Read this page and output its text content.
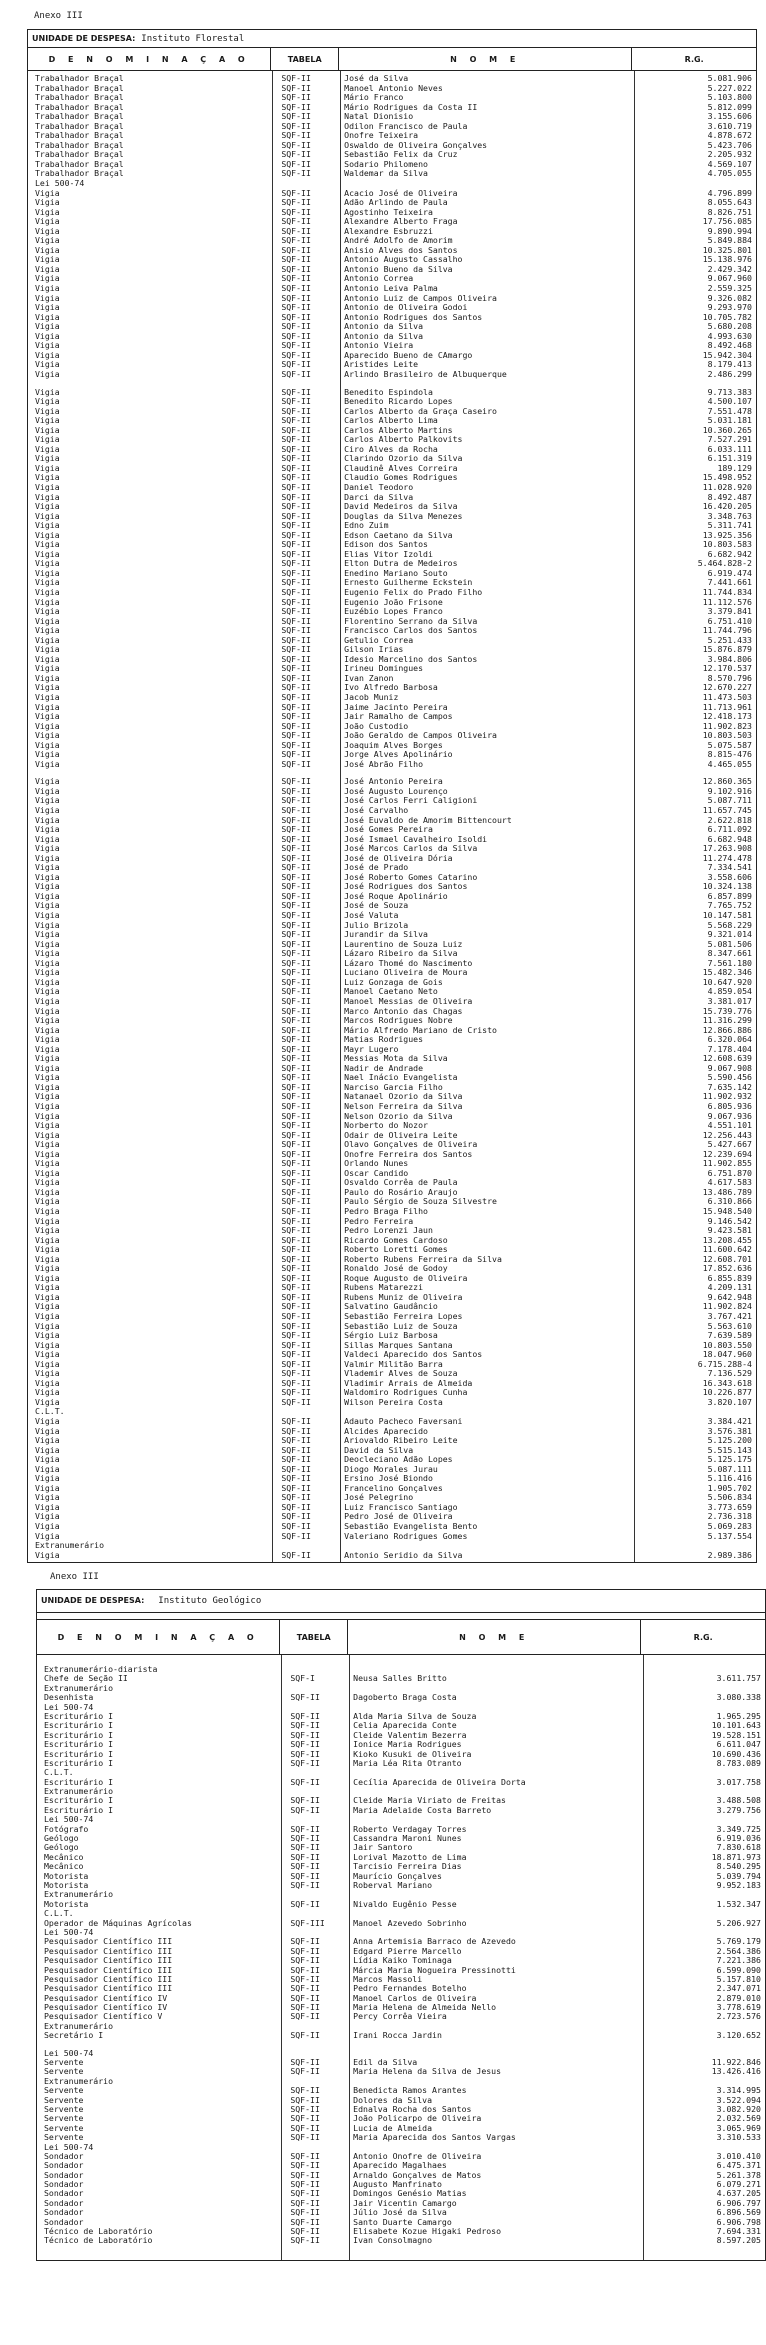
Anexo III
UNIDADE DE DESPESA: Instituto Florestal
D E N O M I N A Ç A O	TABELA	N O M E	R.G.
Trabalhador Braçal	SQF-II	José da Silva	5.081.906
Trabalhador Braçal	SQF-II	Manoel Antonio Neves	5.227.022
Trabalhador Braçal	SQF-II	Mário Franco	5.103.800
Trabalhador Braçal	SQF-II	Mário Rodrigues da Costa II	5.812.099
Trabalhador Braçal	SQF-II	Natal Dionisio	3.155.606
Trabalhador Braçal	SQF-II	Odilon Francisco de Paula	3.610.719
Trabalhador Braçal	SQF-II	Onofre Teixeira	4.878.672
Trabalhador Braçal	SQF-II	Oswaldo de Oliveira Gonçalves	5.423.706
Trabalhador Braçal	SQF-II	Sebastião Felix da Cruz	2.205.932
Trabalhador Braçal	SQF-II	Sodario Philomeno	4.569.107
Trabalhador Braçal	SQF-II	Waldemar da Silva	4.705.055
Lei 500-74
Vigia	SQF-II	Acacio José de Oliveira	4.796.899
Vigia	SQF-II	Adão Arlindo de Paula	8.055.643
Vigia	SQF-II	Agostinho Teixeira	8.826.751
Vigia	SQF-II	Alexandre Alberto Fraga	17.756.085
Vigia	SQF-II	Alexandre Esbruzzi	9.890.994
Vigia	SQF-II	André Adolfo de Amorim	5.849.884
Vigia	SQF-II	Anisio Alves dos Santos	10.325.801
Vigia	SQF-II	Antonio Augusto Cassalho	15.138.976
Vigia	SQF-II	Antonio Bueno da Silva	2.429.342
Vigia	SQF-II	Antonio Correa	9.067.960
Vigia	SQF-II	Antonio Leiva Palma	2.559.325
Vigia	SQF-II	Antonio Luiz de Campos Oliveira	9.326.082
Vigia	SQF-II	Antonio de Oliveira Godoi	9.293.970
Vigia	SQF-II	Antonio Rodrigues dos Santos	10.705.782
Vigia	SQF-II	Antonio da Silva	5.680.208
Vigia	SQF-II	Antonio da Silva	4.993.630
Vigia	SQF-II	Antonio Vieira	8.492.468
Vigia	SQF-II	Aparecido Bueno de CAmargo	15.942.304
Vigia	SQF-II	Aristides Leite	8.179.413
Vigia	SQF-II	Arlindo Brasileiro de Albuquerque	2.486.299
Vigia	SQF-II	Benedito Espindola	9.713.383
Vigia	SQF-II	Benedito Ricardo Lopes	4.500.107
Vigia	SQF-II	Carlos Alberto da Graça Caseiro	7.551.478
Vigia	SQF-II	Carlos Alberto Lima	5.031.181
Vigia	SQF-II	Carlos Alberto Martins	10.360.265
Vigia	SQF-II	Carlos Alberto Palkovits	7.527.291
Vigia	SQF-II	Ciro Alves da Rocha	6.033.111
Vigia	SQF-II	Clarindo Ozorio da Silva	6.151.319
Vigia	SQF-II	Claudinê Alves Correira	189.129
Vigia	SQF-II	Claudio Gomes Rodrigues	15.498.952
Vigia	SQF-II	Daniel Teodoro	11.028.920
Vigia	SQF-II	Darci da Silva	8.492.487
Vigia	SQF-II	David Medeiros da Silva	16.420.205
Vigia	SQF-II	Douglas da Silva Menezes	3.348.763
Vigia	SQF-II	Edno Zuim	5.311.741
Vigia	SQF-II	Edson Caetano da Silva	13.925.356
Vigia	SQF-II	Edison dos Santos	10.803.583
Vigia	SQF-II	Elias Vitor Izoldi	6.682.942
Vigia	SQF-II	Elton Dutra de Medeiros	5.464.828-2
Vigia	SQF-II	Enedino Mariano Souto	6.919.474
Vigia	SQF-II	Ernesto Guilherme Eckstein	7.441.661
Vigia	SQF-II	Eugenio Felix do Prado Filho	11.744.834
Vigia	SQF-II	Eugenio João Frisone	11.112.576
Vigia	SQF-II	Euzébio Lopes Franco	3.379.841
Vigia	SQF-II	Florentino Serrano da Silva	6.751.410
Vigia	SQF-II	Francisco Carlos dos Santos	11.744.796
Vigia	SQF-II	Getulio Correa	5.251.433
Vigia	SQF-II	Gilson Irias	15.876.879
Vigia	SQF-II	Idesio Marcelino dos Santos	3.984.806
Vigia	SQF-II	Irineu Domingues	12.170.537
Vigia	SQF-II	Ivan Zanon	8.570.796
Vigia	SQF-II	Ivo Alfredo Barbosa	12.670.227
Vigia	SQF-II	Jacob Muniz	11.473.503
Vigia	SQF-II	Jaime Jacinto Pereira	11.713.961
Vigia	SQF-II	Jair Ramalho de Campos	12.418.173
Vigia	SQF-II	João Custodio	11.902.823
Vigia	SQF-II	João Geraldo de Campos Oliveira	10.803.503
Vigia	SQF-II	Joaquim Alves Borges	5.075.587
Vigia	SQF-II	Jorge Alves Apolinário	8.815-476
Vigia	SQF-II	José Abrão Filho	4.465.055
Vigia	SQF-II	José Antonio Pereira	12.860.365
Vigia	SQF-II	José Augusto Lourenço	9.102.916
Vigia	SQF-II	José Carlos Ferri Caligioni	5.087.711
Vigia	SQF-II	José Carvalho	11.657.745
Vigia	SQF-II	José Euvaldo de Amorim Bittencourt	2.622.818
Vigia	SQF-II	José Gomes Pereira	6.711.092
Vigia	SQF-II	José Ismael Cavalheiro Isoldi	6.682.948
Vigia	SQF-II	José Marcos Carlos da Silva	17.263.908
Vigia	SQF-II	José de Oliveira Dória	11.274.478
Vigia	SQF-II	José de Prado	7.334.541
Vigia	SQF-II	José Roberto Gomes Catarino	3.558.606
Vigia	SQF-II	José Rodrigues dos Santos	10.324.138
Vigia	SQF-II	José Roque Apolinário	6.857.899
Vigia	SQF-II	José de Souza	7.765.752
Vigia	SQF-II	José Valuta	10.147.581
Vigia	SQF-II	Julio Brizola	5.568.229
Vigia	SQF-II	Jurandir da Silva	9.321.014
Vigia	SQF-II	Laurentino de Souza Luiz	5.081.506
Vigia	SQF-II	Lázaro Ribeiro da Silva	8.347.661
Vigia	SQF-II	Lázaro Thomé do Nascimento	7.561.180
Vigia	SQF-II	Luciano Oliveira de Moura	15.482.346
Vigia	SQF-II	Luiz Gonzaga de Gois	10.647.920
Vigia	SQF-II	Manoel Caetano Neto	4.859.054
Vigia	SQF-II	Manoel Messias de Oliveira	3.381.017
Vigia	SQF-II	Marco Antonio das Chagas	15.739.776
Vigia	SQF-II	Marcos Rodrigues Nobre	11.316.299
Vigia	SQF-II	Mário Alfredo Mariano de Cristo	12.866.886
Vigia	SQF-II	Matias Rodrigues	6.320.064
Vigia	SQF-II	Mayr Lugero	7.178.404
Vigia	SQF-II	Messias Mota da Silva	12.608.639
Vigia	SQF-II	Nadir de Andrade	9.067.908
Vigia	SQF-II	Nael Inácio Evangelista	5.590.456
Vigia	SQF-II	Narciso Garcia Filho	7.635.142
Vigia	SQF-II	Natanael Ozorio da Silva	11.902.932
Vigia	SQF-II	Nelson Ferreira da Silva	6.805.936
Vigia	SQF-II	Nelson Ozorio da Silva	9.067.936
Vigia	SQF-II	Norberto do Nozor	4.551.101
Vigia	SQF-II	Odair de Oliveira Leite	12.256.443
Vigia	SQF-II	Olavo Gonçalves de Oliveira	5.427.667
Vigia	SQF-II	Onofre Ferreira dos Santos	12.239.694
Vigia	SQF-II	Orlando Nunes	11.902.855
Vigia	SQF-II	Oscar Candido	6.751.870
Vigia	SQF-II	Osvaldo Corrêa de Paula	4.617.583
Vigia	SQF-II	Paulo do Rosário Araujo	13.486.789
Vigia	SQF-II	Paulo Sérgio de Souza Silvestre	6.310.866
Vigia	SQF-II	Pedro Braga Filho	15.948.540
Vigia	SQF-II	Pedro Ferreira	9.146.542
Vigia	SQF-II	Pedro Lorenzi Jaun	9.423.581
Vigia	SQF-II	Ricardo Gomes Cardoso	13.208.455
Vigia	SQF-II	Roberto Loretti Gomes	11.600.642
Vigia	SQF-II	Roberto Rubens Ferreira da Silva	12.608.701
Vigia	SQF-II	Ronaldo José de Godoy	17.852.636
Vigia	SQF-II	Roque Augusto de Oliveira	6.855.839
Vigia	SQF-II	Rubens Matarezzi	4.209.131
Vigia	SQF-II	Rubens Muniz de Oliveira	9.642.948
Vigia	SQF-II	Salvatino Gaudâncio	11.902.824
Vigia	SQF-II	Sebastião Ferreira Lopes	3.767.421
Vigia	SQF-II	Sebastião Luiz de Souza	5.563.610
Vigia	SQF-II	Sérgio Luiz Barbosa	7.639.589
Vigia	SQF-II	Sillas Marques Santana	10.803.550
Vigia	SQF-II	Valdeci Aparecido dos Santos	18.047.960
Vigia	SQF-II	Valmir Militão Barra	6.715.288-4
Vigia	SQF-II	Vlademir Alves de Souza	7.136.529
Vigia	SQF-II	Vladimir Arrais de Almeida	16.343.618
Vigia	SQF-II	Waldomiro Rodrigues Cunha	10.226.877
Vigia	SQF-II	Wilson Pereira Costa	3.820.107
C.L.T.
Vigia	SQF-II	Adauto Pacheco Faversani	3.384.421
Vigia	SQF-II	Alcides Aparecido	3.576.381
Vigia	SQF-II	Ariovaldo Ribeiro Leite	5.125.200
Vigia	SQF-II	David da Silva	5.515.143
Vigia	SQF-II	Deocleciano Adão Lopes	5.125.175
Vigia	SQF-II	Diogo Morales Jurau	5.087.111
Vigia	SQF-II	Ersino José Biondo	5.116.416
Vigia	SQF-II	Francelino Gonçalves	1.905.702
Vigia	SQF-II	José Pelegrino	5.506.834
Vigia	SQF-II	Luiz Francisco Santiago	3.773.659
Vigia	SQF-II	Pedro José de Oliveira	2.736.318
Vigia	SQF-II	Sebastião Evangelista Bento	5.069.283
Vigia	SQF-II	Valeriano Rodrigues Gomes	5.137.554
Extranumerário
Vigia	SQF-II	Antonio Seridio da Silva	2.989.386
Anexo III
UNIDADE DE DESPESA: Instituto Geológico
D E N O M I N A Ç A O	TABELA	N O M E	R.G.
Extranumerário-diarista
Chefe de Seção II	SQF-I	Neusa Salles Britto	3.611.757
Extranumerário
Desenhista	SQF-II	Dagoberto Braga Costa	3.080.338
Lei 500-74
Escriturário I	SQF-II	Alda Maria Silva de Souza	1.965.295
Escriturário I	SQF-II	Celia Aparecida Conte	10.101.643
Escriturário I	SQF-II	Cleide Valentim Bezerra	19.528.151
Escriturário I	SQF-II	Ionice Maria Rodrigues	6.611.047
Escriturário I	SQF-II	Kioko Kusuki de Oliveira	10.690.436
Escriturário I	SQF-II	Maria Léa Rita Otranto	8.783.089
C.L.T.
Escriturário I	SQF-II	Cecília Aparecida de Oliveira Dorta	3.017.758
Extranumerário
Escriturário I	SQF-II	Cleide Maria Viriato de Freitas	3.488.508
Escriturário I	SQF-II	Maria Adelaide Costa Barreto	3.279.756
Lei 500-74
Fotógrafo	SQF-II	Roberto Verdagay Torres	3.349.725
Geólogo	SQF-II	Cassandra Maroni Nunes	6.919.036
Geólogo	SQF-II	Jair Santoro	7.830.618
Mecânico	SQF-II	Lorival Mazotto de Lima	18.871.973
Mecânico	SQF-II	Tarcisio Ferreira Dias	8.540.295
Motorista	SQF-II	Maurício Gonçalves	5.039.794
Motorista	SQF-II	Roberval Mariano	9.952.183
Extranumerário
Motorista	SQF-II	Nivaldo Eugênio Pesse	1.532.347
C.L.T.
Operador de Máquinas Agrícolas	SQF-III	Manoel Azevedo Sobrinho	5.206.927
Lei 500-74
Pesquisador Científico III	SQF-II	Anna Artemisia Barraco de Azevedo	5.769.179
Pesquisador Científico III	SQF-II	Edgard Pierre Marcello	2.564.386
Pesquisador Científico III	SQF-II	Lídia Kaiko Tominaga	7.221.386
Pesquisador Científico III	SQF-II	Márcia Maria Nogueira Pressinotti	6.599.090
Pesquisador Científico III	SQF-II	Marcos Massoli	5.157.810
Pesquisador Científico III	SQF-II	Pedro Fernandes Botelho	2.347.071
Pesquisador Científico IV	SQF-II	Manoel Carlos de Oliveira	2.879.010
Pesquisador Científico IV	SQF-II	Maria Helena de Almeida Nello	3.778.619
Pesquisador Científico V	SQF-II	Percy Corrêa Vieira	2.723.576
Extranumerário
Secretário I	SQF-II	Irani Rocca Jardin	3.120.652
Lei 500-74
Servente	SQF-II	Edil da Silva	11.922.846
Servente	SQF-II	Maria Helena da Silva de Jesus	13.426.416
Extranumerário
Servente	SQF-II	Benedicta Ramos Arantes	3.314.995
Servente	SQF-II	Dolores da Silva	3.522.094
Servente	SQF-II	Ednalva Rocha dos Santos	3.082.920
Servente	SQF-II	João Policarpo de Oliveira	2.032.569
Servente	SQF-II	Lucia de Almeida	3.065.969
Servente	SQF-II	Maria Aparecida dos Santos Vargas	3.310.533
Lei 500-74
Sondador	SQF-II	Antonio Onofre de Oliveira	3.010.410
Sondador	SQF-II	Aparecido Magalhaes	6.475.371
Sondador	SQF-II	Arnaldo Gonçalves de Matos	5.261.378
Sondador	SQF-II	Augusto Manfrinato	6.079.271
Sondador	SQF-II	Domingos Genésio Matias	4.637.205
Sondador	SQF-II	Jair Vicentin Camargo	6.906.797
Sondador	SQF-II	Júlio José da Silva	6.896.569
Sondador	SQF-II	Santo Duarte Camargo	6.906.798
Técnico de Laboratório	SQF-II	Elisabete Kozue Higaki Pedroso	7.694.331
Técnico de Laboratório	SQF-II	Ivan Consolmagno	8.597.205
